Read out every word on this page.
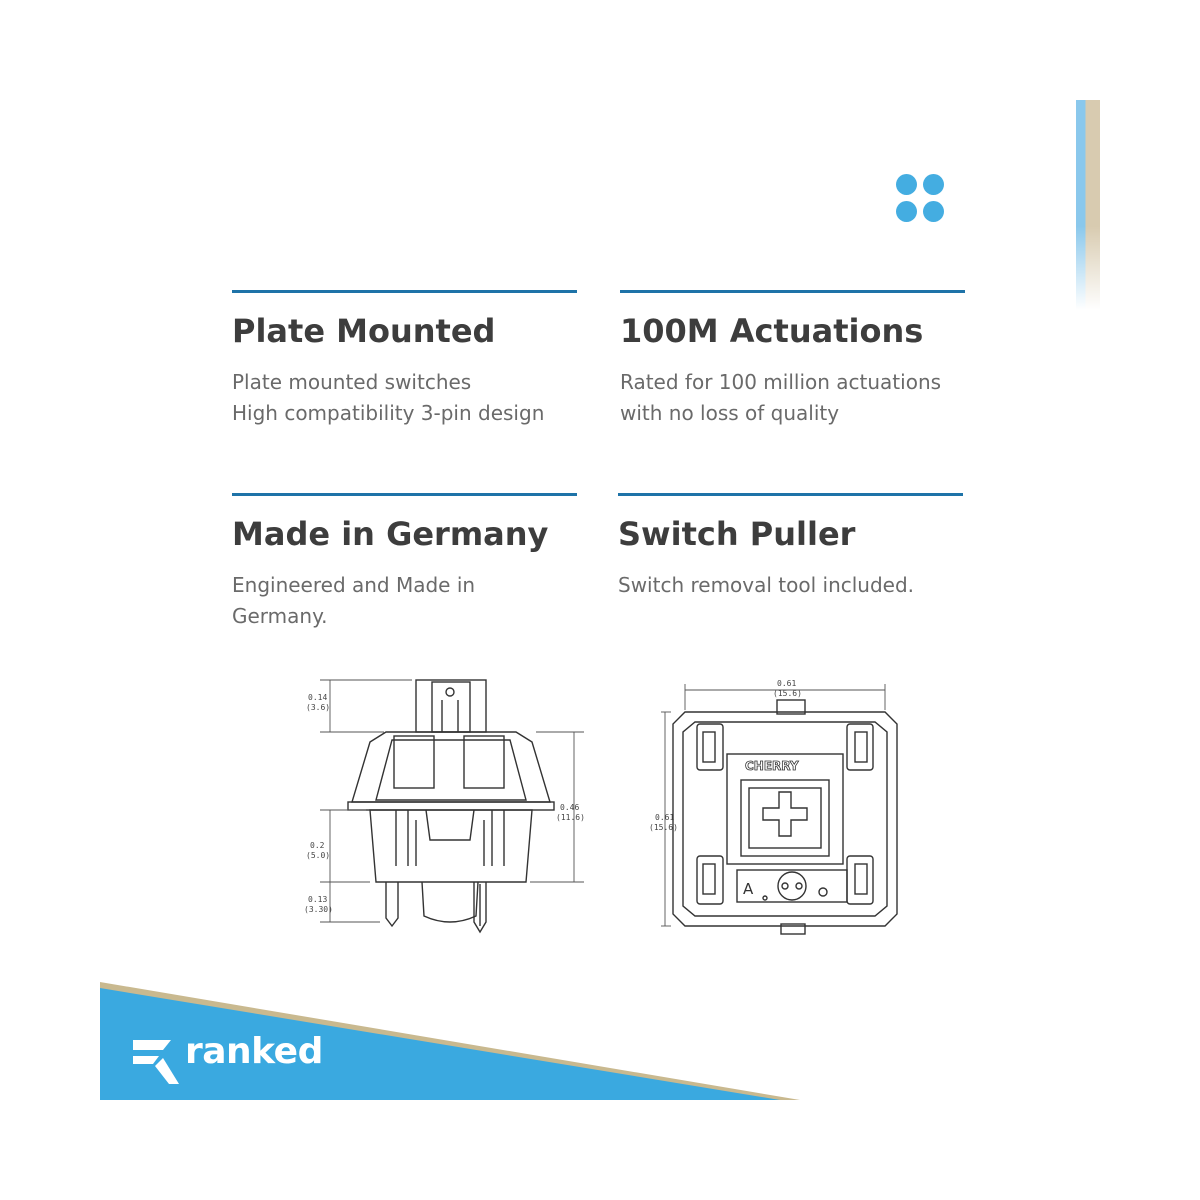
Plate Mounted
Plate mounted switches
High compatibility 3-pin design
100M Actuations
Rated for 100 million actuations
with no loss of quality
Made in Germany
Engineered and Made in
Germany.
Switch Puller
Switch removal tool included.
0.14
(3.6)
0.2
(5.0)
0.13
(3.30)
0.46
(11.6)
0.61
(15.6)
0.61
(15.6)
CHERRY
A
ranked
